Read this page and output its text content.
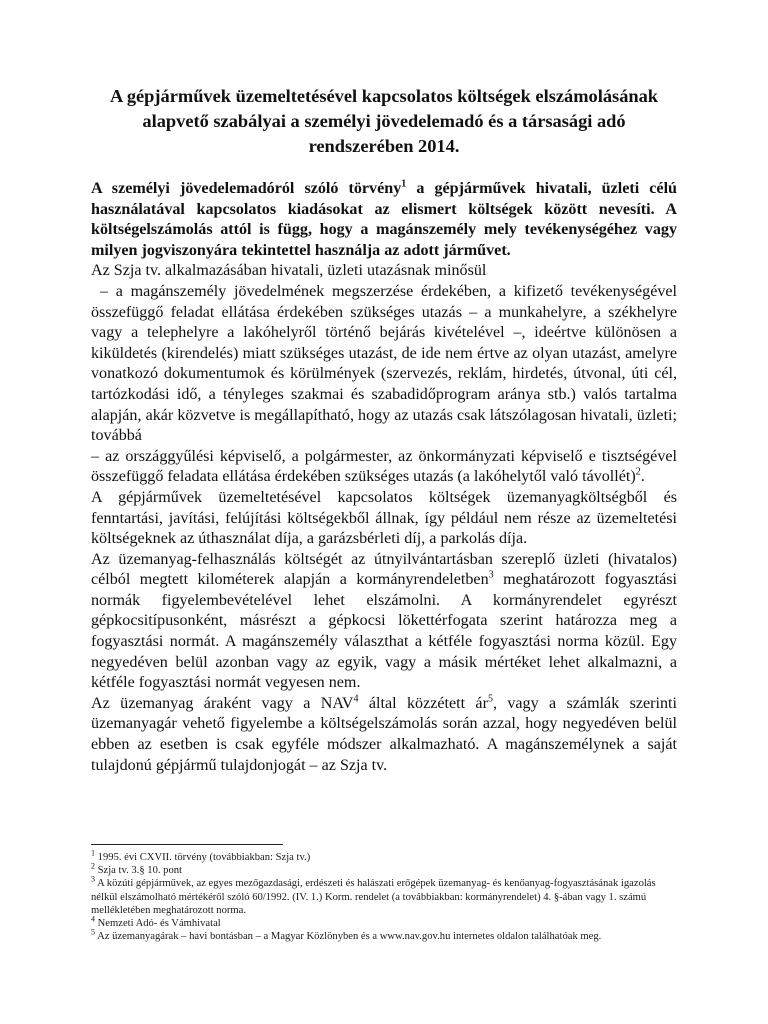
A gépjárművek üzemeltetésével kapcsolatos költségek elszámolásának alapvető szabályai a személyi jövedelemadó és a társasági adó rendszerében 2014.

A személyi jövedelemadóról szóló törvény$^1$ a gépjárművek hivatali, üzleti célú használatával kapcsolatos kiadásokat az elismert költségek között nevesíti. A költségelszámolás attól is függ, hogy a magánszemély mely tevékenységéhez vagy milyen jogviszonyára tekintettel használja az adott járművet.

Az Szja tv. alkalmazásában hivatali, üzleti utazásnak minősül

– a magánszemély jövedelmének megszerzése érdekében, a kifizető tevékenységével összefüggő feladat ellátása érdekében szükséges utazás – a munkahelyre, a székhelyre vagy a telephelyre a lakóhelyről történő bejárás kivételével –, ideértve különösen a kiküldetés (kirendelés) miatt szükséges utazást, de ide nem értve az olyan utazást, amelyre vonatkozó dokumentumok és körülmények (szervezés, reklám, hirdetés, útvonal, úti cél, tartózkodási idő, a tényleges szakmai és szabadidőprogram aránya stb.) valós tartalma alapján, akár közvetve is megállapítható, hogy az utazás csak látszólagosan hivatali, üzleti; továbbá

– az országgyűlési képviselő, a polgármester, az önkormányzati képviselő e tisztségével összefüggő feladata ellátása érdekében szükséges utazás (a lakóhelytől való távollét)$^2$.

A gépjárművek üzemeltetésével kapcsolatos költségek üzemanyagköltségből és fenntartási, javítási, felújítási költségekből állnak, így például nem része az üzemeltetési költségeknek az úthasználat díja, a garázsbérleti díj, a parkolás díja.

Az üzemanyag-felhasználás költségét az útnyilvántartásban szereplő üzleti (hivatalos) célból megtett kilométerek alapján a kormányrendeletben$^3$ meghatározott fogyasztási normák figyelembevételével lehet elszámolni. A kormányrendelet egyrészt gépkocsitípusonként, másrészt a gépkocsi lökettérfogata szerint határozza meg a fogyasztási normát. A magánszemély választhat a kétféle fogyasztási norma közül. Egy negyedéven belül azonban vagy az egyik, vagy a másik mértéket lehet alkalmazni, a kétféle fogyasztási normát vegyesen nem.

Az üzemanyag áraként vagy a NAV$^4$ által közzétett $ár^5$, vagy a számlák szerinti üzemanyagár vehető figyelembe a költségelszámolás során azzal, hogy negyedéven belül ebben az esetben is csak egyféle módszer alkalmazható. A magánszemélynek a saját tulajdonú gépjármű tulajdonjogát – az Szja tv.

$^1$ 1995. évi CXVII. törvény (továbbiakban: Szja tv.)

$^2$ Szja tv. 3.§ 10. pont

$^3$ A közúti gépjárművek, az egyes mezőgazdasági, erdészeti és halászati erőgépek üzemanyag- és kenőanyag-fogyasztásának igazolás nélkül elszámolható mértékéről szóló 60/1992. (IV. 1.) Korm. rendelet (a továbbiakban: kormányrendelet) 4. §-ában vagy 1. számú mellékletében meghatározott norma.

$^4$ Nemzeti Adó- és Vámhivatal

$^5$ Az üzemanyagárak – havi bontásban – a Magyar Közlönyben és a www.nav.gov.hu internetes oldalon találhatóak meg.
